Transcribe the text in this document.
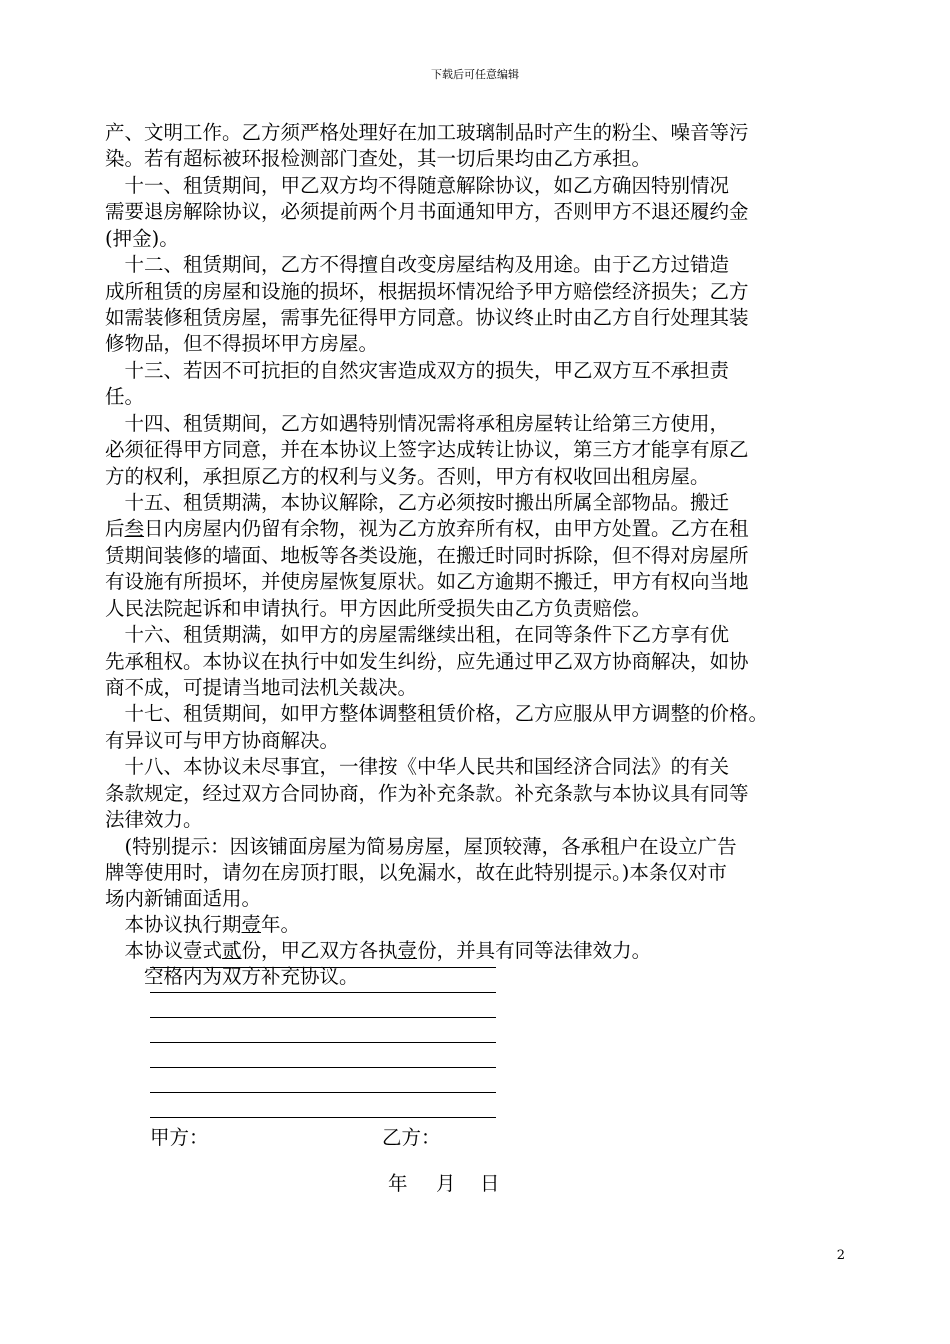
下载后可任意编辑
产、文明工作。乙方须严格处理好在加工玻璃制品时产生的粉尘、噪音等污
染。若有超标被环报检测部门查处，其一切后果均由乙方承担。
　十一、租赁期间，甲乙双方均不得随意解除协议，如乙方确因特别情况
需要退房解除协议，必须提前两个月书面通知甲方，否则甲方不退还履约金
(押金)。
　十二、租赁期间，乙方不得擅自改变房屋结构及用途。由于乙方过错造
成所租赁的房屋和设施的损坏，根据损坏情况给予甲方赔偿经济损失；乙方
如需装修租赁房屋，需事先征得甲方同意。协议终止时由乙方自行处理其装
修物品，但不得损坏甲方房屋。
　十三、若因不可抗拒的自然灾害造成双方的损失，甲乙双方互不承担责
任。
　十四、租赁期间，乙方如遇特别情况需将承租房屋转让给第三方使用，
必须征得甲方同意，并在本协议上签字达成转让协议，第三方才能享有原乙
方的权利，承担原乙方的权利与义务。否则，甲方有权收回出租房屋。
　十五、租赁期满，本协议解除，乙方必须按时搬出所属全部物品。搬迁
后叁日内房屋内仍留有余物，视为乙方放弃所有权，由甲方处置。乙方在租
赁期间装修的墙面、地板等各类设施，在搬迁时同时拆除，但不得对房屋所
有设施有所损坏，并使房屋恢复原状。如乙方逾期不搬迁，甲方有权向当地
人民法院起诉和申请执行。甲方因此所受损失由乙方负责赔偿。
　十六、租赁期满，如甲方的房屋需继续出租，在同等条件下乙方享有优
先承租权。本协议在执行中如发生纠纷，应先通过甲乙双方协商解决，如协
商不成，可提请当地司法机关裁决。
　十七、租赁期间，如甲方整体调整租赁价格，乙方应服从甲方调整的价格。
有异议可与甲方协商解决。
　十八、本协议未尽事宜，一律按《中华人民共和国经济合同法》的有关
条款规定，经过双方合同协商，作为补充条款。补充条款与本协议具有同等
法律效力。
　(特别提示：因该铺面房屋为简易房屋，屋顶较薄，各承租户在设立广告
牌等使用时，请勿在房顶打眼，以免漏水，故在此特别提示。)本条仅对市
场内新铺面适用。
　本协议执行期壹年。
　本协议壹式贰份，甲乙双方各执壹份，并具有同等法律效力。
　　空格内为双方补充协议。
甲方：	乙方：
年 月 日
2
